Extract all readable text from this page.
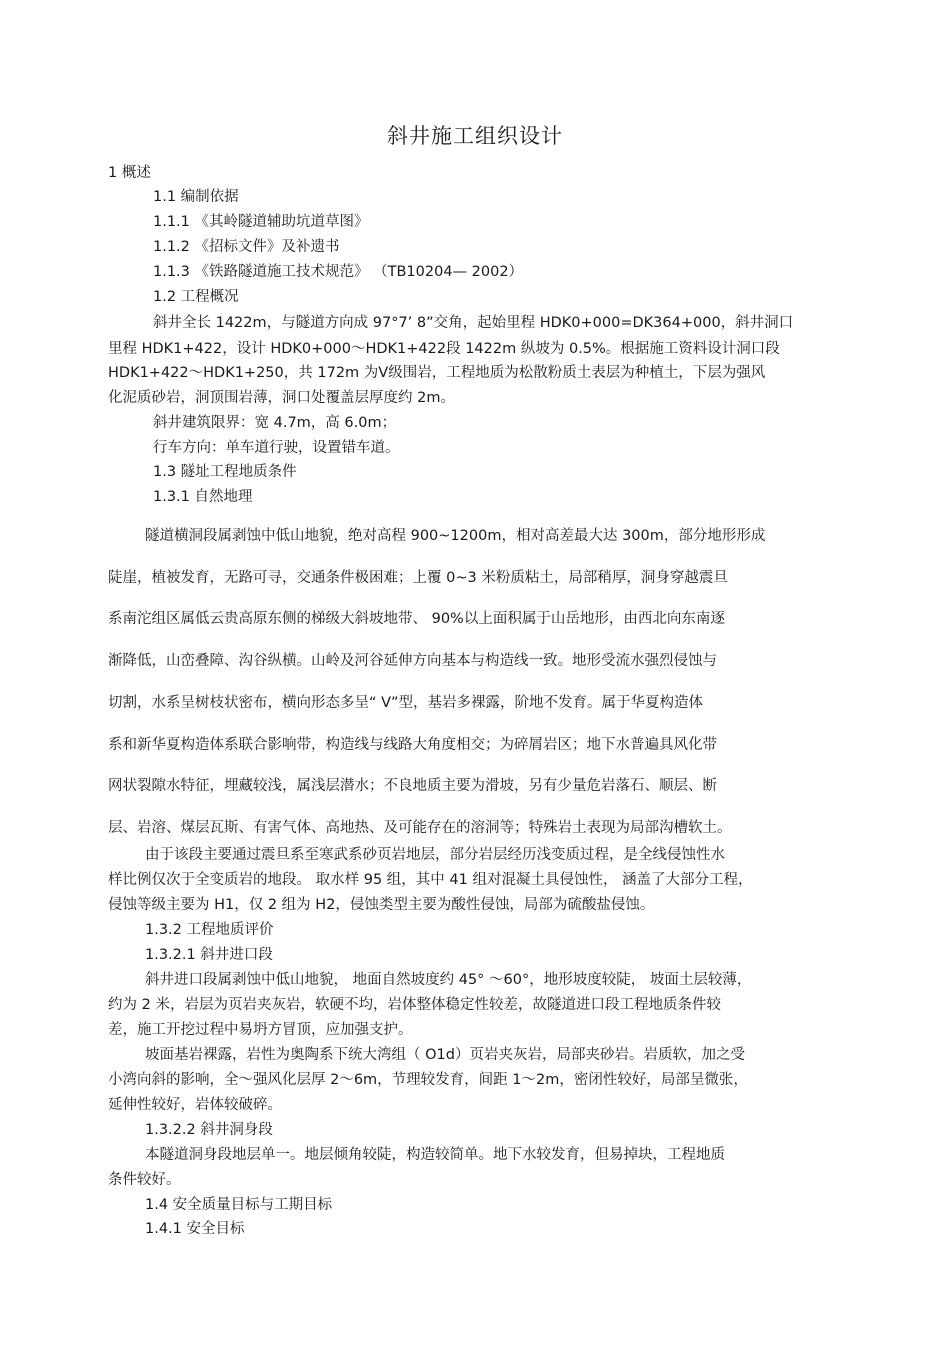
斜井施工组织设计
1 概述
1.1 编制依据
1.1.1 《其岭隧道辅助坑道草图》
1.1.2 《招标文件》及补遗书
1.1.3 《铁路隧道施工技术规范》 （TB10204— 2002）
1.2 工程概况
斜井全长 1422m，与隧道方向成 97°7’ 8”交角，起始里程 HDK0+000=DK364+000，斜井洞口
里程 HDK1+422，设计 HDK0+000～HDK1+422段 1422m 纵坡为 0.5%。根据施工资料设计洞口段
HDK1+422～HDK1+250，共 172m 为Ⅴ级围岩，工程地质为松散粉质土表层为种植土，下层为强风
化泥质砂岩，洞顶围岩薄，洞口处覆盖层厚度约 2m。
斜井建筑限界：宽 4.7m，高 6.0m；
行车方向：单车道行驶，设置错车道。
1.3 隧址工程地质条件
1.3.1 自然地理
隧道横洞段属剥蚀中低山地貌，绝对高程 900~1200m，相对高差最大达 300m，部分地形形成
陡崖，植被发育，无路可寻，交通条件极困难；上覆 0~3 米粉质粘土，局部稍厚，洞身穿越震旦
系南沱组区属低云贵高原东侧的梯级大斜坡地带、 90%以上面积属于山岳地形，由西北向东南逐
渐降低，山峦叠障、沟谷纵横。山岭及河谷延伸方向基本与构造线一致。地形受流水强烈侵蚀与
切割，水系呈树枝状密布，横向形态多呈“ V”型，基岩多裸露，阶地不发育。属于华夏构造体
系和新华夏构造体系联合影响带，构造线与线路大角度相交；为碎屑岩区；地下水普遍具风化带
网状裂隙水特征，埋藏较浅，属浅层潜水；不良地质主要为滑坡，另有少量危岩落石、顺层、断
层、岩溶、煤层瓦斯、有害气体、高地热、及可能存在的溶洞等；特殊岩土表现为局部沟槽软土。
由于该段主要通过震旦系至寒武系砂页岩地层，部分岩层经历浅变质过程，是全线侵蚀性水
样比例仅次于全变质岩的地段。 取水样 95 组，其中 41 组对混凝土具侵蚀性， 涵盖了大部分工程，
侵蚀等级主要为 H1，仅 2 组为 H2，侵蚀类型主要为酸性侵蚀，局部为硫酸盐侵蚀。
1.3.2 工程地质评价
1.3.2.1 斜井进口段
斜井进口段属剥蚀中低山地貌， 地面自然坡度约 45° ～60°，地形坡度较陡， 坡面土层较薄，
约为 2 米，岩层为页岩夹灰岩，软硬不均，岩体整体稳定性较差，故隧道进口段工程地质条件较
差，施工开挖过程中易坍方冒顶，应加强支护。
坡面基岩裸露，岩性为奥陶系下统大湾组（ O1d）页岩夹灰岩，局部夹砂岩。岩质软，加之受
小湾向斜的影响，全～强风化层厚 2～6m，节理较发育，间距 1～2m，密闭性较好，局部呈微张，
延伸性较好，岩体较破碎。
1.3.2.2 斜井洞身段
本隧道洞身段地层单一。地层倾角较陡，构造较简单。地下水较发育，但易掉块，工程地质
条件较好。
1.4 安全质量目标与工期目标
1.4.1 安全目标
